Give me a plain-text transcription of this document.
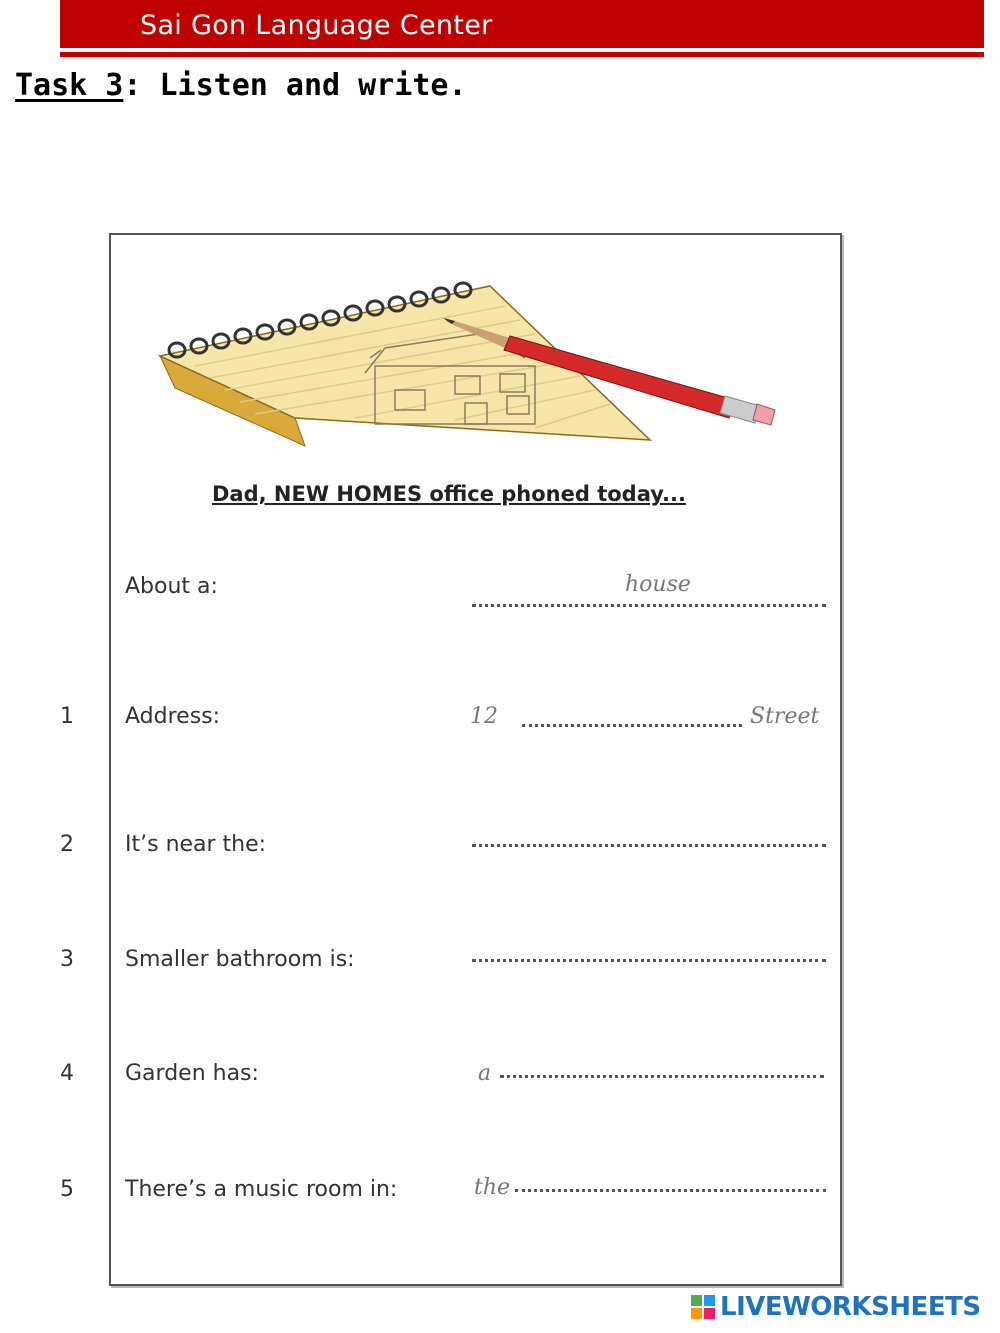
Sai Gon Language Center
Task 3: Listen and write.
Dad, NEW HOMES office phoned today...
About a:	house
1 Address:	12	Street
2 It’s near the:
3 Smaller bathroom is:
4 Garden has:	a
5 There’s a music room in:	the
LIVEWORKSHEETS
